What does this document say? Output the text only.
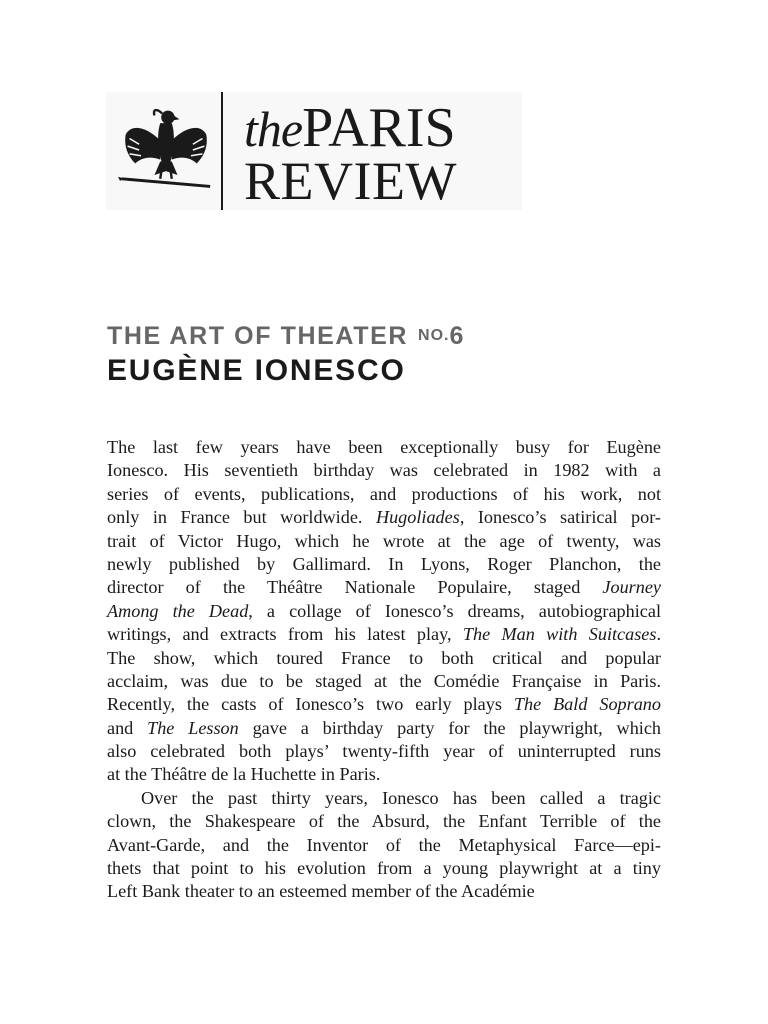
thePARIS
REVIEW
THE ART OF THEATER NO.6
EUGÈNE IONESCO
The last few years have been exceptionally busy for Eugène
Ionesco. His seventieth birthday was celebrated in 1982 with a
series of events, publications, and productions of his work, not
only in France but worldwide. Hugoliades, Ionesco’s satirical por-
trait of Victor Hugo, which he wrote at the age of twenty, was
newly published by Gallimard. In Lyons, Roger Planchon, the
director of the Théâtre Nationale Populaire, staged Journey
Among the Dead, a collage of Ionesco’s dreams, autobiographical
writings, and extracts from his latest play, The Man with Suitcases.
The show, which toured France to both critical and popular
acclaim, was due to be staged at the Comédie Française in Paris.
Recently, the casts of Ionesco’s two early plays The Bald Soprano
and The Lesson gave a birthday party for the playwright, which
also celebrated both plays’ twenty-fifth year of uninterrupted runs
at the Théâtre de la Huchette in Paris.
Over the past thirty years, Ionesco has been called a tragic
clown, the Shakespeare of the Absurd, the Enfant Terrible of the
Avant-Garde, and the Inventor of the Metaphysical Farce—epi-
thets that point to his evolution from a young playwright at a tiny
Left Bank theater to an esteemed member of the Académie
